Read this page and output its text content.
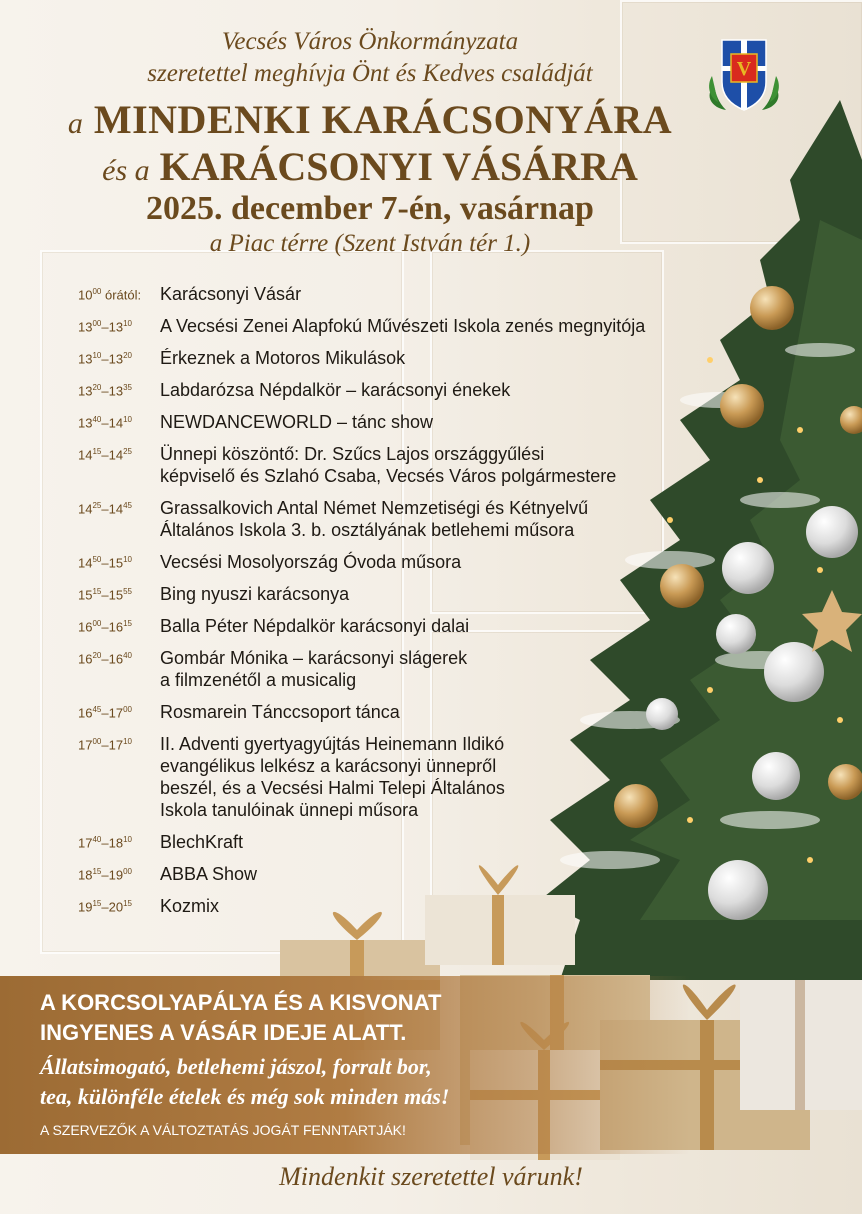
Vecsés Város Önkormányzata
szeretettel meghívja Önt és Kedves családját
a MINDENKI KARÁCSONYÁRA
és a KARÁCSONYI VÁSÁRRA
2025. december 7-én, vasárnap
a Piac térre (Szent István tér 1.)
V
$10^{00}$ órától:	Karácsonyi Vásár
$13^{00}-13^{10}$	A Vecsési Zenei Alapfokú Művészeti Iskola zenés megnyitója
$13^{10}-13^{20}$	Érkeznek a Motoros Mikulások
$13^{20}-13^{35}$	Labdarózsa Népdalkör – karácsonyi énekek
$13^{40}-14^{10}$	NEWDANCEWORLD – tánc show
$14^{15}-14^{25}$	Ünnepi köszöntő: Dr. Szűcs Lajos országgyűlési
képviselő és Szlahó Csaba, Vecsés Város polgármestere
$14^{25}-14^{45}$	Grassalkovich Antal Német Nemzetiségi és Kétnyelvű
Általános Iskola 3. b. osztályának betlehemi műsora
$14^{50}-15^{10}$	Vecsési Mosolyország Óvoda műsora
$15^{15}-15^{55}$	Bing nyuszi karácsonya
$16^{00}-16^{15}$	Balla Péter Népdalkör karácsonyi dalai
$16^{20}-16^{40}$	Gombár Mónika – karácsonyi slágerek
a filmzenétől a musicalig
$16^{45}-17^{00}$	Rosmarein Tánccsoport tánca
$17^{00}-17^{10}$	II. Adventi gyertyagyújtás Heinemann Ildikó
evangélikus lelkész a karácsonyi ünnepről
beszél, és a Vecsési Halmi Telepi Általános
Iskola tanulóinak ünnepi műsora
$17^{40}-18^{10}$	BlechKraft
$18^{15}-19^{00}$	ABBA Show
$19^{15}-20^{15}$	Kozmix
A KORCSOLYAPÁLYA ÉS A KISVONAT
INGYENES A VÁSÁR IDEJE ALATT.
Állatsimogató, betlehemi jászol, forralt bor,
tea, különféle ételek és még sok minden más!
A SZERVEZŐK A VÁLTOZTATÁS JOGÁT FENNTARTJÁK!
Mindenkit szeretettel várunk!
